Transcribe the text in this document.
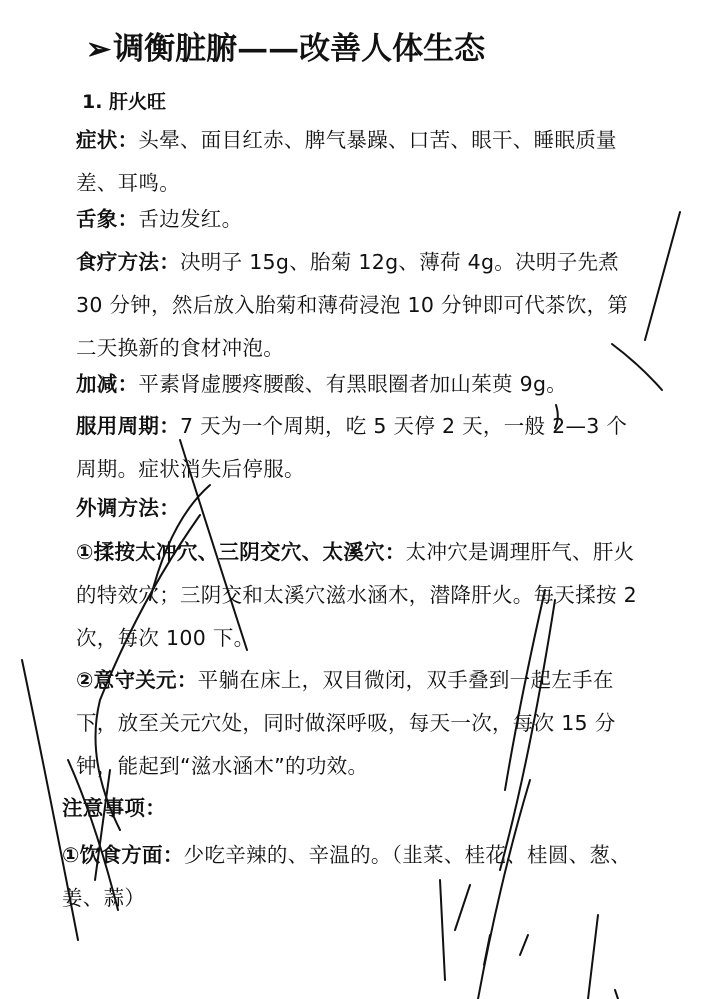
➢调衡脏腑——改善人体生态
1. 肝火旺
症状：头晕、面目红赤、脾气暴躁、口苦、眼干、睡眠质量差、耳鸣。
舌象：舌边发红。
食疗方法：决明子 15g、胎菊 12g、薄荷 4g。决明子先煮 30 分钟，然后放入胎菊和薄荷浸泡 10 分钟即可代茶饮，第二天换新的食材冲泡。
加减：平素肾虚腰疼腰酸、有黑眼圈者加山茱萸 9g。
服用周期：7 天为一个周期，吃 5 天停 2 天，一般 2—3 个周期。症状消失后停服。
外调方法：
①揉按太冲穴、三阴交穴、太溪穴：太冲穴是调理肝气、肝火的特效穴；三阴交和太溪穴滋水涵木，潜降肝火。每天揉按 2 次，每次 100 下。
②意守关元：平躺在床上，双目微闭，双手叠到一起左手在下，放至关元穴处，同时做深呼吸，每天一次，每次 15 分钟，能起到“滋水涵木”的功效。
注意事项：
①饮食方面：少吃辛辣的、辛温的。（韭菜、桂花、桂圆、葱、姜、蒜）
